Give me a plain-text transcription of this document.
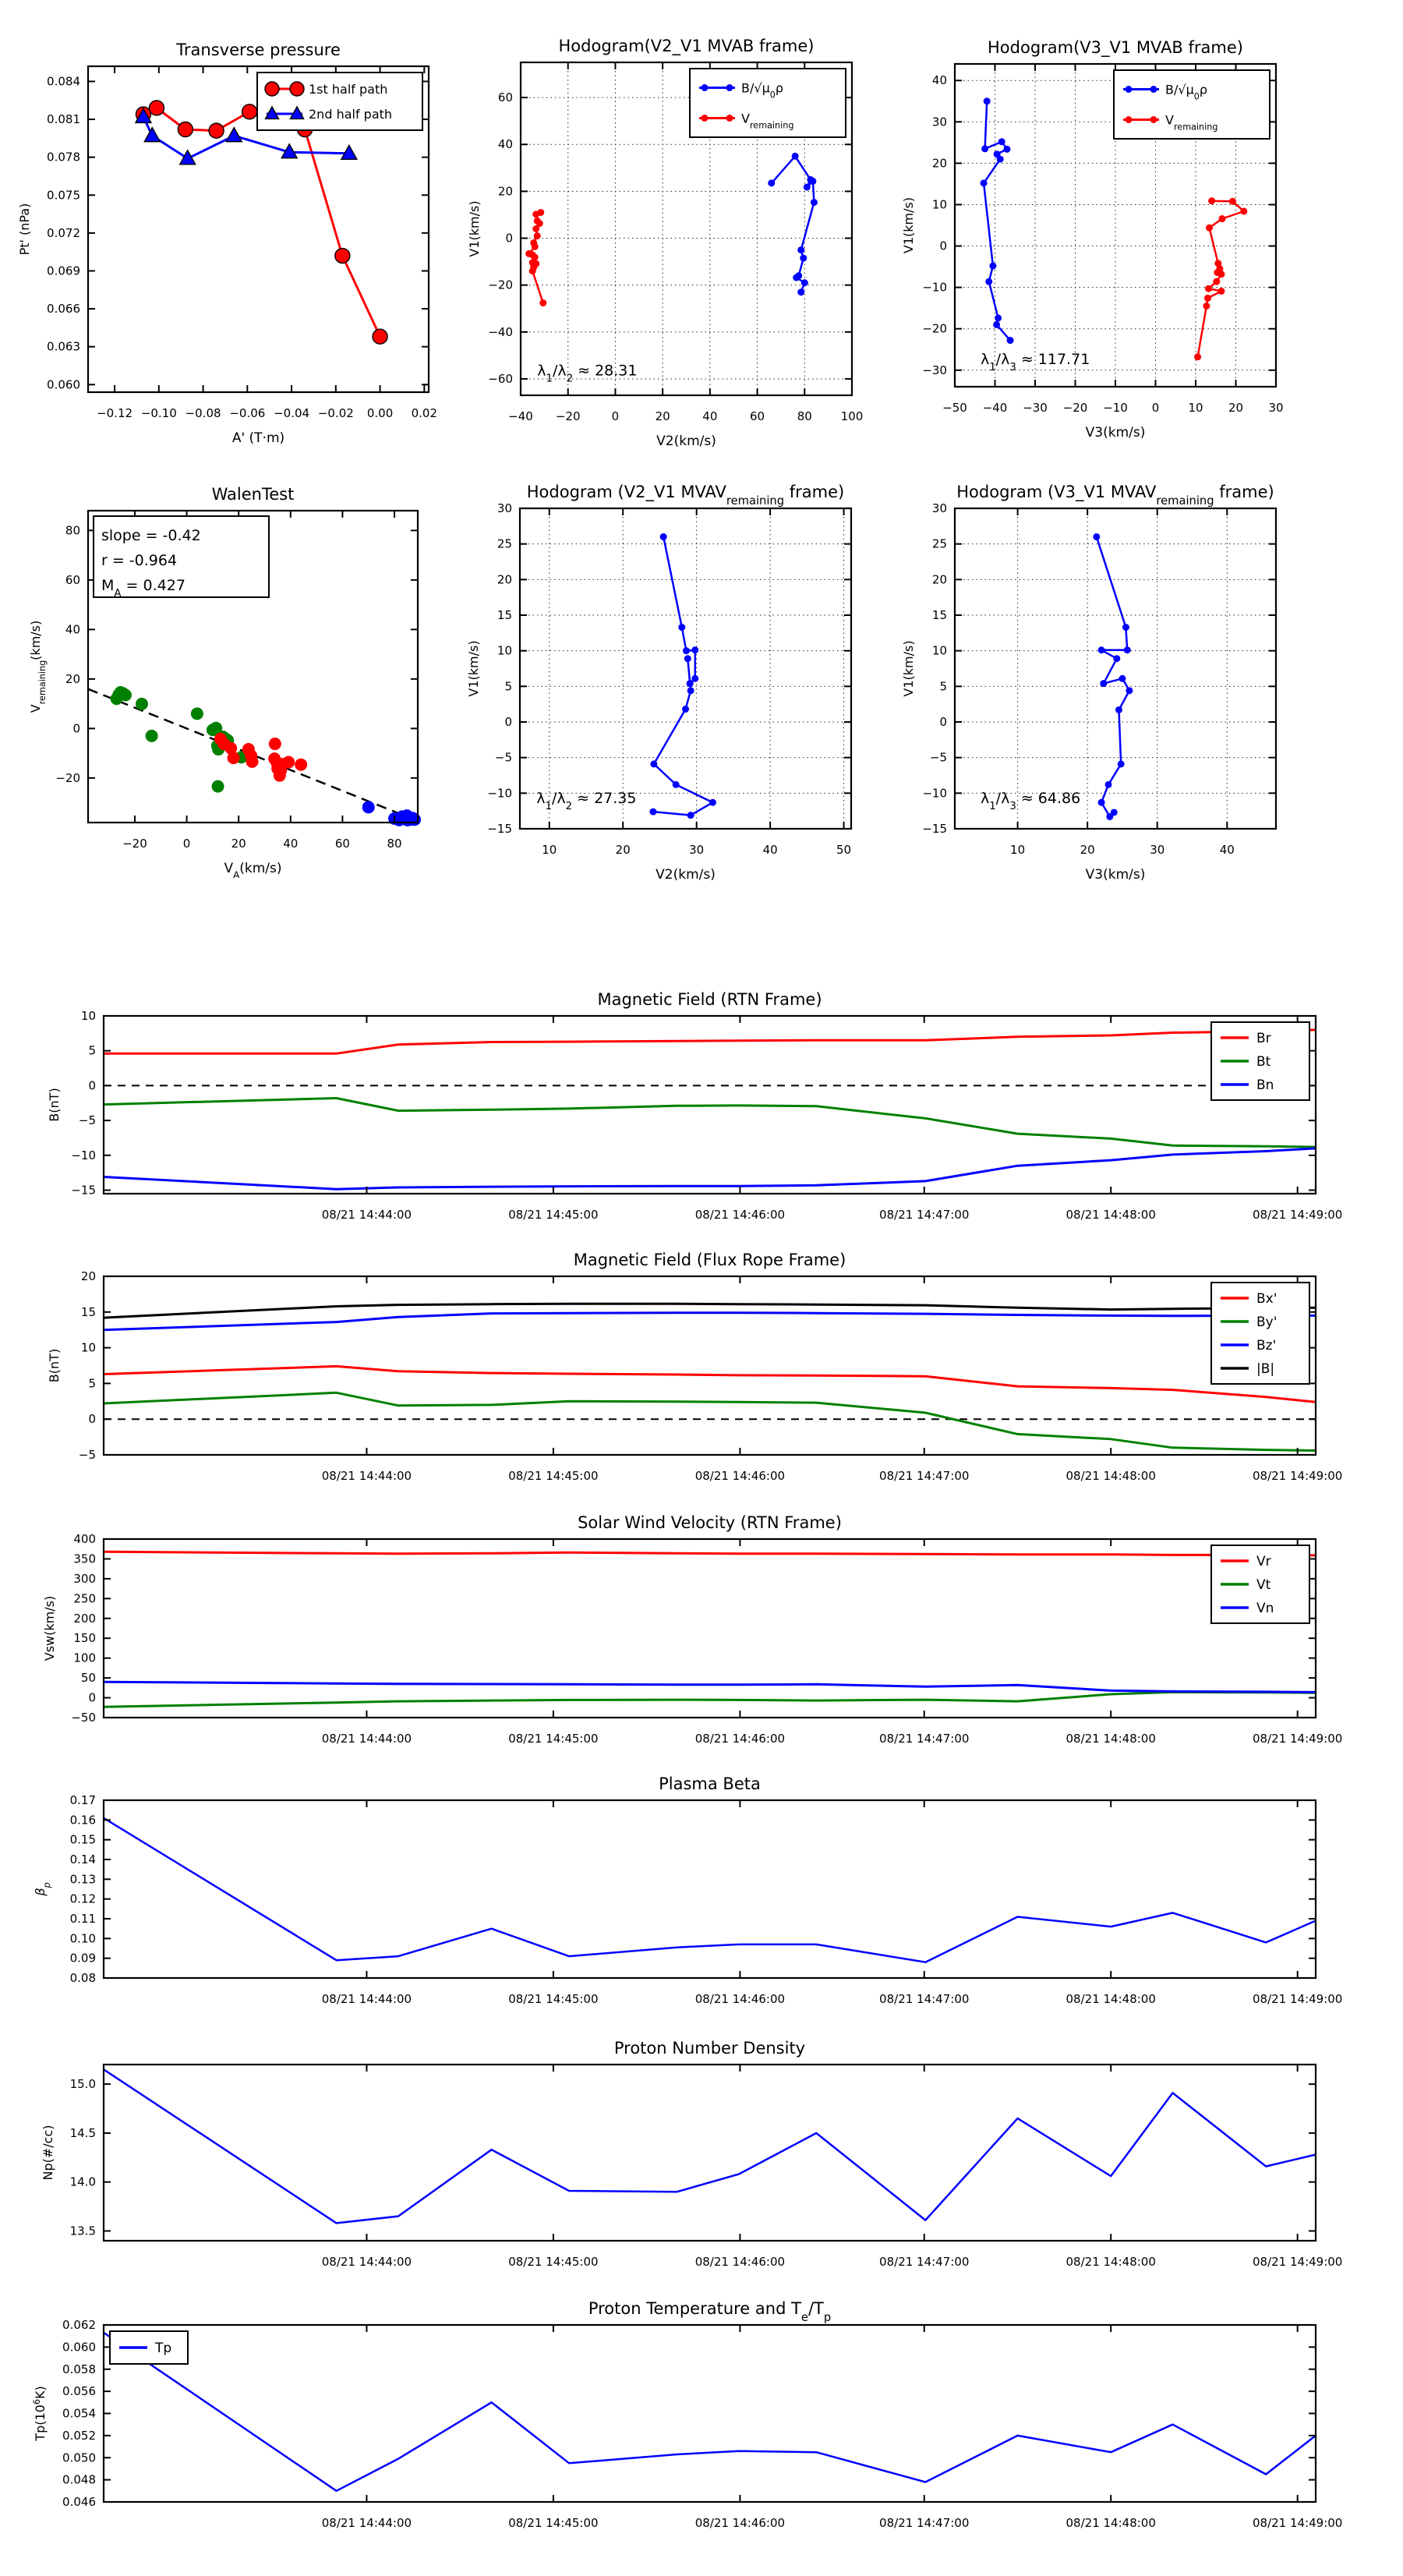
−0.12 −0.10 −0.08 −0.06 −0.04 −0.02 0.00 0.02
0.060
0.063
0.066
0.069
0.072
0.075
0.078
0.081
0.084
Transverse pressure
A' (T·m)
Pt' (nPa)
1st half path
2nd half path
−40 −20	0	20	40	60	80 100
−60
−40
−20
0
20
40
60
Hodogram(V2_V1 MVAB frame)
V2(km/s)
V1(km/s)
$\lambda_1/\lambda_2 \approx 28.31$
$B/√\mu_0\rho$
$V_{remaining}$
−50 −40 −30 −20 −10 0 10 20 30
−30
−20
−10
0
10
20
30
40
Hodogram(V3_V1 MVAB frame)
V3(km/s)
V1(km/s)
$\lambda_1/\lambda_3 \approx 117.71$
$B/√\mu_0\rho$
$V_{remaining}$
−20	0	20	40	60	80
−20
0
20
40
60
80
WalenTest
$V_A(km/s)$
$V_{remaining}(km/s)$
slope = -0.42
r = -0.964
$M_A = 0.427$
10	20	30	40	50
−15
−10
−5
0
5
10
15
20
25
30
Hodogram (V2_V1 $MVAV_{remaining}$ frame)
V2(km/s)
V1(km/s)
$\lambda_1/\lambda_2 \approx 27.35$
10	20	30	40
−15
−10
−5
0
5
10
15
20
25
30
Hodogram (V3_V1 $MVAV_{remaining}$ frame)
V3(km/s)
V1(km/s)
$\lambda_1/\lambda_3 \approx 64.86$
08/21 14:44:00	08/21 14:45:00	08/21 14:46:00	08/21 14:47:00	08/21 14:48:00	08/21 14:49:00
−15
−10
−5
0
5
10
Magnetic Field (RTN Frame)
B(nT)
Br
Bt
Bn
08/21 14:44:00	08/21 14:45:00	08/21 14:46:00	08/21 14:47:00	08/21 14:48:00	08/21 14:49:00
−5
0
5
10
15
20
Magnetic Field (Flux Rope Frame)
B(nT)
Bx'
By'
Bz'
|B|
08/21 14:44:00	08/21 14:45:00	08/21 14:46:00	08/21 14:47:00	08/21 14:48:00	08/21 14:49:00
−50
0
50
100
150
200
250
300
350
400
Solar Wind Velocity (RTN Frame)
Vsw(km/s)
Vr
Vt
Vn
08/21 14:44:00	08/21 14:45:00	08/21 14:46:00	08/21 14:47:00	08/21 14:48:00	08/21 14:49:00
0.08
0.09
0.10
0.11
0.12
0.13
0.14
0.15
0.16
0.17
Plasma Beta
$\beta_p$
08/21 14:44:00	08/21 14:45:00	08/21 14:46:00	08/21 14:47:00	08/21 14:48:00	08/21 14:49:00
13.5
14.0
14.5
15.0
Proton Number Density
Np(#/cc)
08/21 14:44:00	08/21 14:45:00	08/21 14:46:00	08/21 14:47:00	08/21 14:48:00	08/21 14:49:00
0.046
0.048
0.050
0.052
0.054
0.056
0.058
0.060
0.062
Proton Temperature and $T_e/T_p$
$Tp(10^6K)$
Tp
